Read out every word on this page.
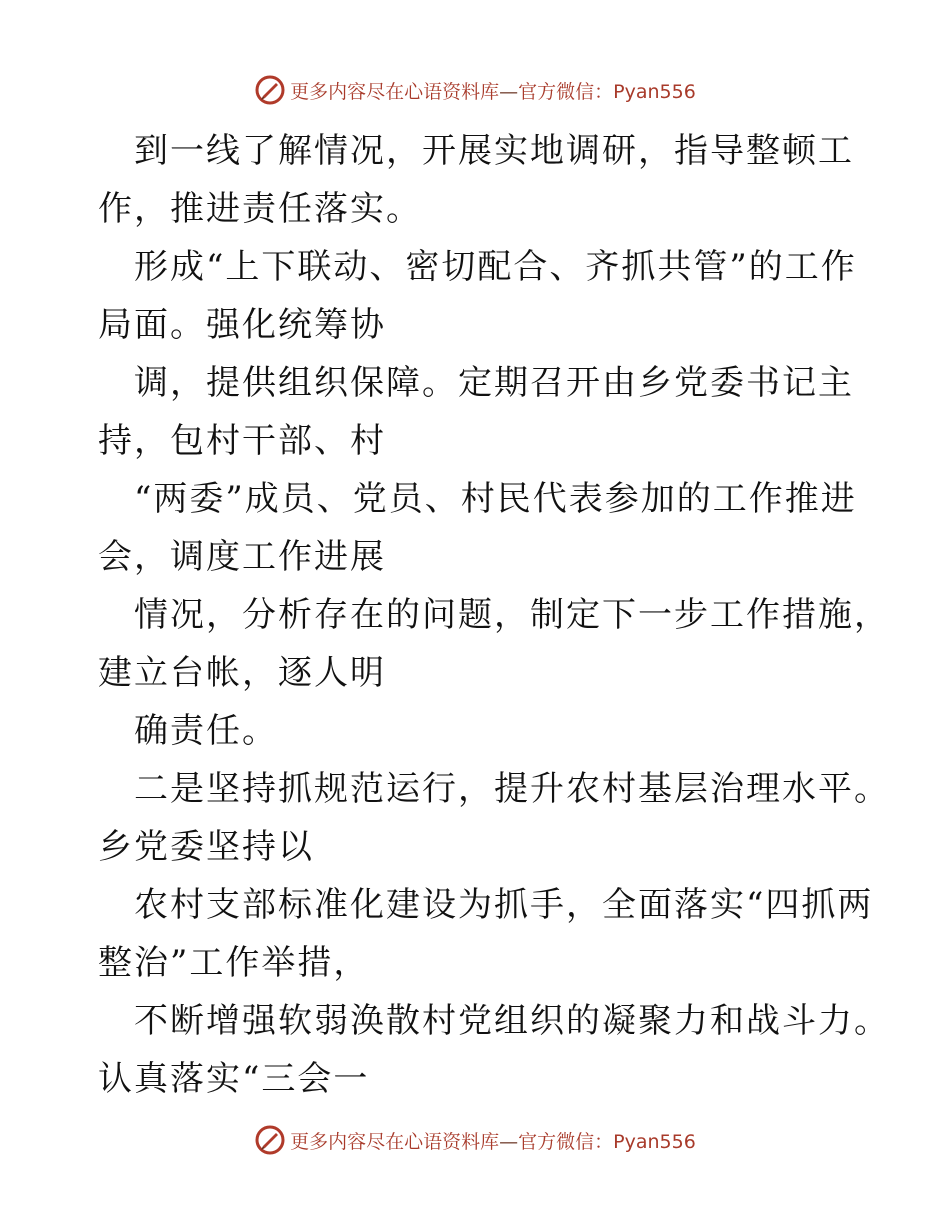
更多内容尽在心语资料库—官方微信：Pyan556
到一线了解情况，开展实地调研，指导整顿工
作，推进责任落实。
形成“上下联动、密切配合、齐抓共管”的工作
局面。强化统筹协
调，提供组织保障。定期召开由乡党委书记主
持，包村干部、村
“两委”成员、党员、村民代表参加的工作推进
会，调度工作进展
情况，分析存在的问题，制定下一步工作措施，
建立台帐，逐人明
确责任。
二是坚持抓规范运行，提升农村基层治理水平。
乡党委坚持以
农村支部标准化建设为抓手，全面落实“四抓两
整治”工作举措，
不断增强软弱涣散村党组织的凝聚力和战斗力。
认真落实“三会一
更多内容尽在心语资料库—官方微信：Pyan556
